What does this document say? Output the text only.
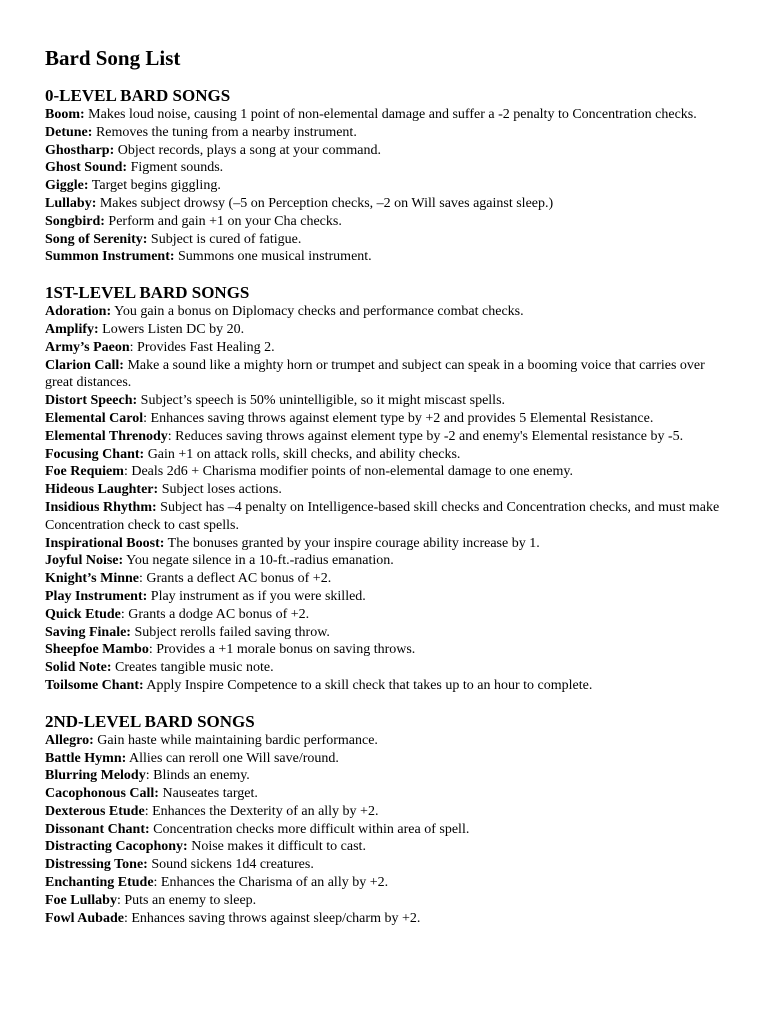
Bard Song List
0-LEVEL BARD SONGS
Boom: Makes loud noise, causing 1 point of non-elemental damage and suffer a -2 penalty to Concentration checks.
Detune: Removes the tuning from a nearby instrument.
Ghostharp: Object records, plays a song at your command.
Ghost Sound: Figment sounds.
Giggle: Target begins giggling.
Lullaby: Makes subject drowsy (–5 on Perception checks, –2 on Will saves against sleep.)
Songbird: Perform and gain +1 on your Cha checks.
Song of Serenity: Subject is cured of fatigue.
Summon Instrument: Summons one musical instrument.
1ST-LEVEL BARD SONGS
Adoration: You gain a bonus on Diplomacy checks and performance combat checks.
Amplify: Lowers Listen DC by 20.
Army’s Paeon: Provides Fast Healing 2.
Clarion Call: Make a sound like a mighty horn or trumpet and subject can speak in a booming voice that carries over great distances.
Distort Speech: Subject’s speech is 50% unintelligible, so it might miscast spells.
Elemental Carol: Enhances saving throws against element type by +2 and provides 5 Elemental Resistance.
Elemental Threnody: Reduces saving throws against element type by -2 and enemy's Elemental resistance by -5.
Focusing Chant: Gain +1 on attack rolls, skill checks, and ability checks.
Foe Requiem: Deals 2d6 + Charisma modifier points of non-elemental damage to one enemy.
Hideous Laughter: Subject loses actions.
Insidious Rhythm: Subject has –4 penalty on Intelligence-based skill checks and Concentration checks, and must make Concentration check to cast spells.
Inspirational Boost: The bonuses granted by your inspire courage ability increase by 1.
Joyful Noise: You negate silence in a 10-ft.-radius emanation.
Knight’s Minne: Grants a deflect AC bonus of +2.
Play Instrument: Play instrument as if you were skilled.
Quick Etude: Grants a dodge AC bonus of +2.
Saving Finale: Subject rerolls failed saving throw.
Sheepfoe Mambo: Provides a +1 morale bonus on saving throws.
Solid Note: Creates tangible music note.
Toilsome Chant: Apply Inspire Competence to a skill check that takes up to an hour to complete.
2ND-LEVEL BARD SONGS
Allegro: Gain haste while maintaining bardic performance.
Battle Hymn: Allies can reroll one Will save/round.
Blurring Melody: Blinds an enemy.
Cacophonous Call: Nauseates target.
Dexterous Etude: Enhances the Dexterity of an ally by +2.
Dissonant Chant: Concentration checks more difficult within area of spell.
Distracting Cacophony: Noise makes it difficult to cast.
Distressing Tone: Sound sickens 1d4 creatures.
Enchanting Etude: Enhances the Charisma of an ally by +2.
Foe Lullaby: Puts an enemy to sleep.
Fowl Aubade: Enhances saving throws against sleep/charm by +2.
